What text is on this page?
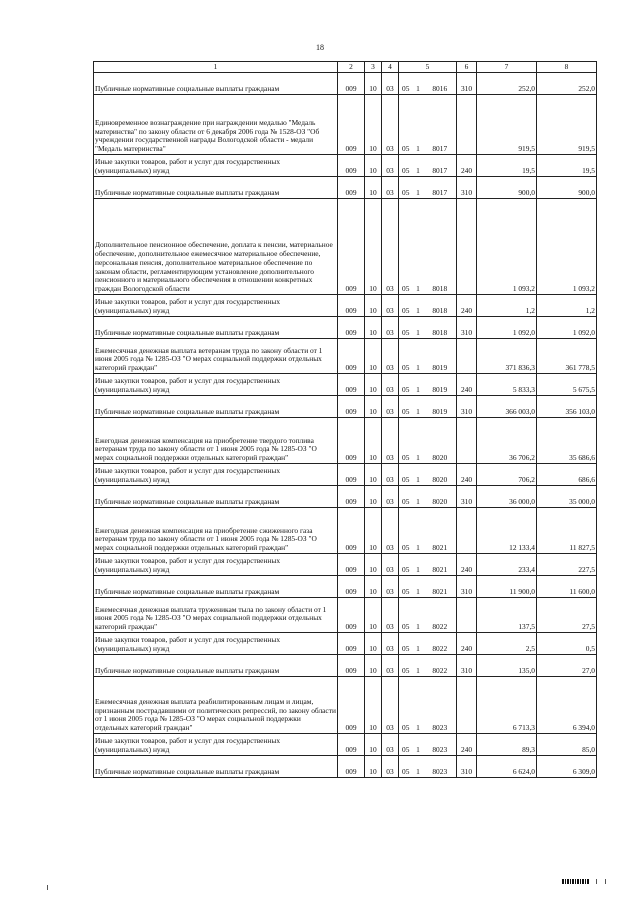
18
1	2	3	4	5			6	7	8
Публичные нормативные социальные выплаты гражданам	009	10	03	05	1	8016	310	252,0	252,0
Единовременное вознаграждение при награждении медалью "Медаль материнства" по закону области от 6 декабря 2006 года № 1528-ОЗ "Об учреждении государственной награды Вологодской области - медали "Медаль материнства"	009	10	03	05	1	8017		919,5	919,5
Иные закупки товаров, работ и услуг для государственных (муниципальных) нужд	009	10	03	05	1	8017	240	19,5	19,5
Публичные нормативные социальные выплаты гражданам	009	10	03	05	1	8017	310	900,0	900,0
Дополнительное пенсионное обеспечение, доплата к пенсии, материальное обеспечение, дополнительное ежемесячное материальное обеспечение, персональная пенсия, дополнительное материальное обеспечение по законам области, регламентирующим установление дополнительного пенсионного и материального обеспечения в отношении конкретных граждан Вологодской области	009	10	03	05	1	8018		1 093,2	1 093,2
Иные закупки товаров, работ и услуг для государственных (муниципальных) нужд	009	10	03	05	1	8018	240	1,2	1,2
Публичные нормативные социальные выплаты гражданам	009	10	03	05	1	8018	310	1 092,0	1 092,0
Ежемесячная денежная выплата ветеранам труда по закону области от 1 июня 2005 года № 1285-ОЗ "О мерах социальной поддержки отдельных категорий граждан"	009	10	03	05	1	8019		371 836,3	361 778,5
Иные закупки товаров, работ и услуг для государственных (муниципальных) нужд	009	10	03	05	1	8019	240	5 833,3	5 675,5
Публичные нормативные социальные выплаты гражданам	009	10	03	05	1	8019	310	366 003,0	356 103,0
Ежегодная денежная компенсация на приобретение твердого топлива ветеранам труда по закону области от 1 июня 2005 года № 1285-ОЗ "О мерах социальной поддержки отдельных категорий граждан"	009	10	03	05	1	8020		36 706,2	35 686,6
Иные закупки товаров, работ и услуг для государственных (муниципальных) нужд	009	10	03	05	1	8020	240	706,2	686,6
Публичные нормативные социальные выплаты гражданам	009	10	03	05	1	8020	310	36 000,0	35 000,0
Ежегодная денежная компенсация на приобретение сжиженного газа ветеранам труда по закону области от 1 июня 2005 года № 1285-ОЗ "О мерах социальной поддержки отдельных категорий граждан"	009	10	03	05	1	8021		12 133,4	11 827,5
Иные закупки товаров, работ и услуг для государственных (муниципальных) нужд	009	10	03	05	1	8021	240	233,4	227,5
Публичные нормативные социальные выплаты гражданам	009	10	03	05	1	8021	310	11 900,0	11 600,0
Ежемесячная денежная выплата труженикам тыла по закону области от 1 июня 2005 года № 1285-ОЗ "О мерах социальной поддержки отдельных категорий граждан"	009	10	03	05	1	8022		137,5	27,5
Иные закупки товаров, работ и услуг для государственных (муниципальных) нужд	009	10	03	05	1	8022	240	2,5	0,5
Публичные нормативные социальные выплаты гражданам	009	10	03	05	1	8022	310	135,0	27,0
Ежемесячная денежная выплата реабилитированным лицам и лицам, признанным пострадавшими от политических репрессий, по закону области от 1 июня 2005 года № 1285-ОЗ "О мерах социальной поддержки отдельных категорий граждан"	009	10	03	05	1	8023		6 713,3	6 394,0
Иные закупки товаров, работ и услуг для государственных (муниципальных) нужд	009	10	03	05	1	8023	240	89,3	85,0
Публичные нормативные социальные выплаты гражданам	009	10	03	05	1	8023	310	6 624,0	6 309,0
